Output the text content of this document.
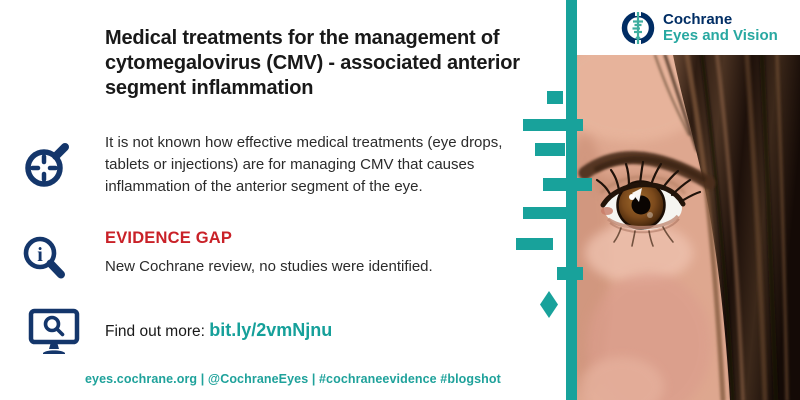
i
Medical treatments for the management of
cytomegalovirus (CMV) - associated anterior
segment inflammation
It is not known how effective medical treatments (eye drops,
tablets or injections) are for managing CMV that causes
inflammation of the anterior segment of the eye.
EVIDENCE GAP
New Cochrane review, no studies were identified.
Find out more: bit.ly/2vmNjnu
eyes.cochrane.org | @CochraneEyes | #cochraneevidence #blogshot
Cochrane
Eyes and Vision
